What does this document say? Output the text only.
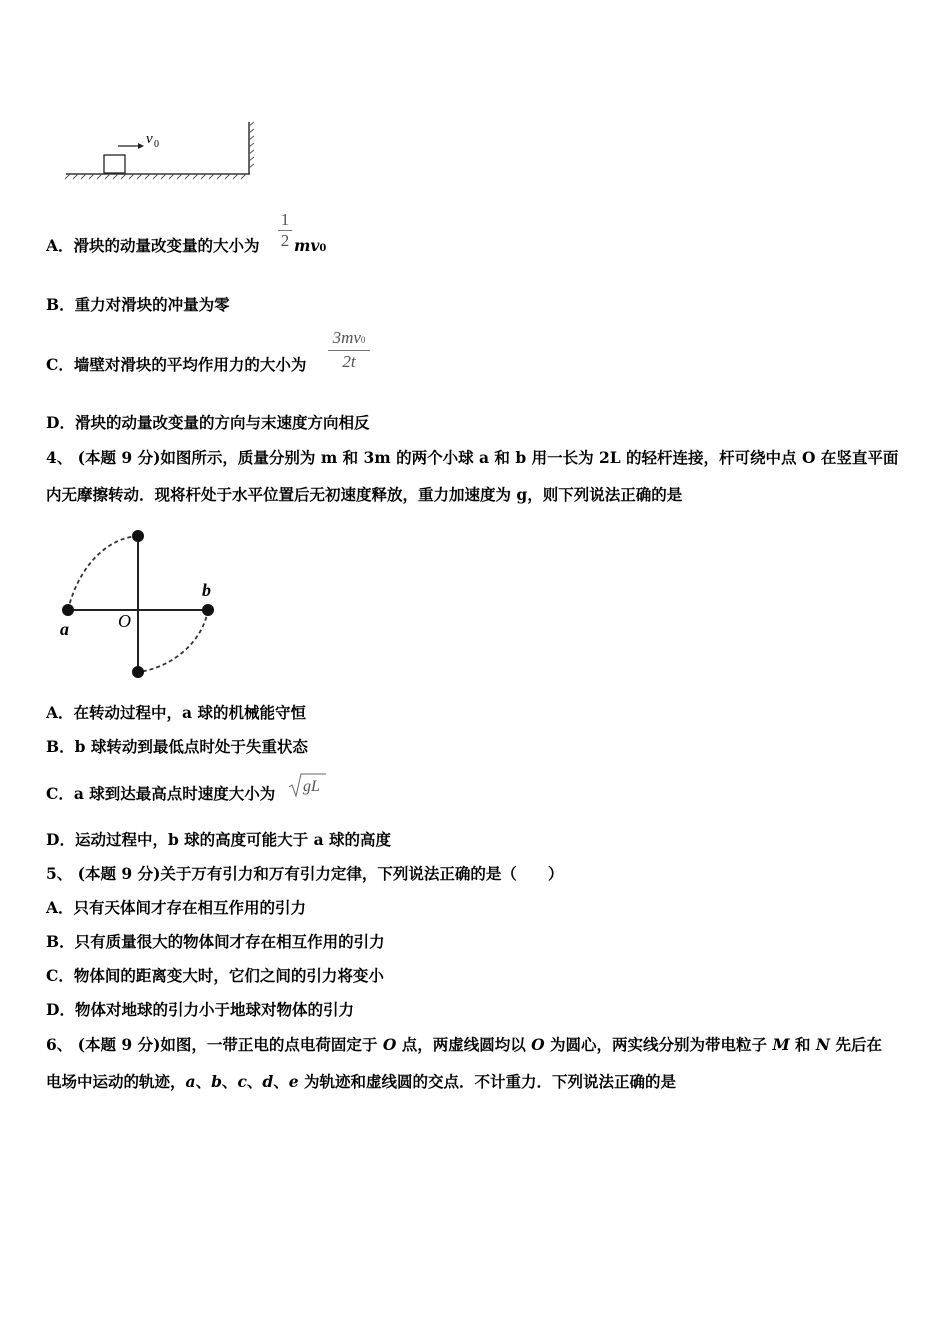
v 0
A．滑块的动量改变量的大小为
1
2 mv0
B．重力对滑块的冲量为零
C．墙壁对滑块的平均作用力的大小为
3mv0
2t
D．滑块的动量改变量的方向与末速度方向相反
4、 (本题 9 分)如图所示，质量分别为 m 和 3m 的两个小球 a 和 b 用一长为 2L 的轻杆连接，杆可绕中点 O 在竖直平面
内无摩擦转动．现将杆处于水平位置后无初速度释放，重力加速度为 g，则下列说法正确的是
a
b
O
A．在转动过程中，a 球的机械能守恒
B．b 球转动到最低点时处于失重状态
C．a 球到达最高点时速度大小为 gL
D．运动过程中，b 球的高度可能大于 a 球的高度
5、 (本题 9 分)关于万有引力和万有引力定律，下列说法正确的是（　　）
A．只有天体间才存在相互作用的引力
B．只有质量很大的物体间才存在相互作用的引力
C．物体间的距离变大时，它们之间的引力将变小
D．物体对地球的引力小于地球对物体的引力
6、 (本题 9 分)如图，一带正电的点电荷固定于 O 点，两虚线圆均以 O 为圆心，两实线分别为带电粒子 M 和 N 先后在
电场中运动的轨迹，a、b、c、d、e 为轨迹和虚线圆的交点．不计重力．下列说法正确的是
